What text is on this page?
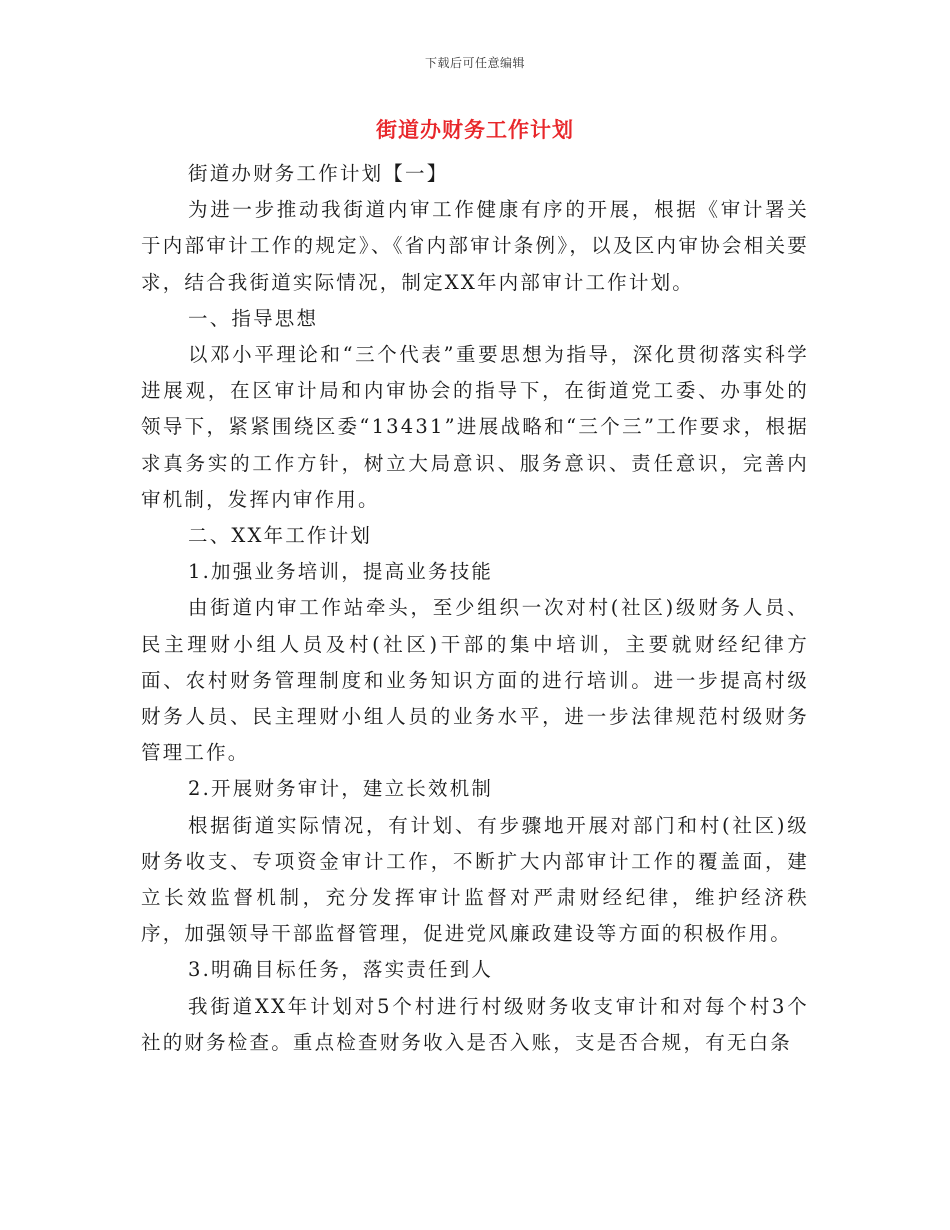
下载后可任意编辑
街道办财务工作计划

街道办财务工作计划【一】

为进一步推动我街道内审工作健康有序的开展，根据《审计署关于内部审计工作的规定》、《省内部审计条例》，以及区内审协会相关要求，结合我街道实际情况，制定XX年内部审计工作计划。

一、指导思想

以邓小平理论和“三个代表”重要思想为指导，深化贯彻落实科学进展观，在区审计局和内审协会的指导下，在街道党工委、办事处的领导下，紧紧围绕区委“13431”进展战略和“三个三”工作要求，根据求真务实的工作方针，树立大局意识、服务意识、责任意识，完善内审机制，发挥内审作用。

二、XX年工作计划

1.加强业务培训，提高业务技能

由街道内审工作站牵头，至少组织一次对村(社区)级财务人员、民主理财小组人员及村(社区)干部的集中培训，主要就财经纪律方面、农村财务管理制度和业务知识方面的进行培训。进一步提高村级财务人员、民主理财小组人员的业务水平，进一步法律规范村级财务管理工作。

2.开展财务审计，建立长效机制

根据街道实际情况，有计划、有步骤地开展对部门和村(社区)级财务收支、专项资金审计工作，不断扩大内部审计工作的覆盖面，建立长效监督机制，充分发挥审计监督对严肃财经纪律，维护经济秩序，加强领导干部监督管理，促进党风廉政建设等方面的积极作用。

3.明确目标任务，落实责任到人

我街道XX年计划对5个村进行村级财务收支审计和对每个村3个社的财务检查。重点检查财务收入是否入账，支是否合规，有无白条
